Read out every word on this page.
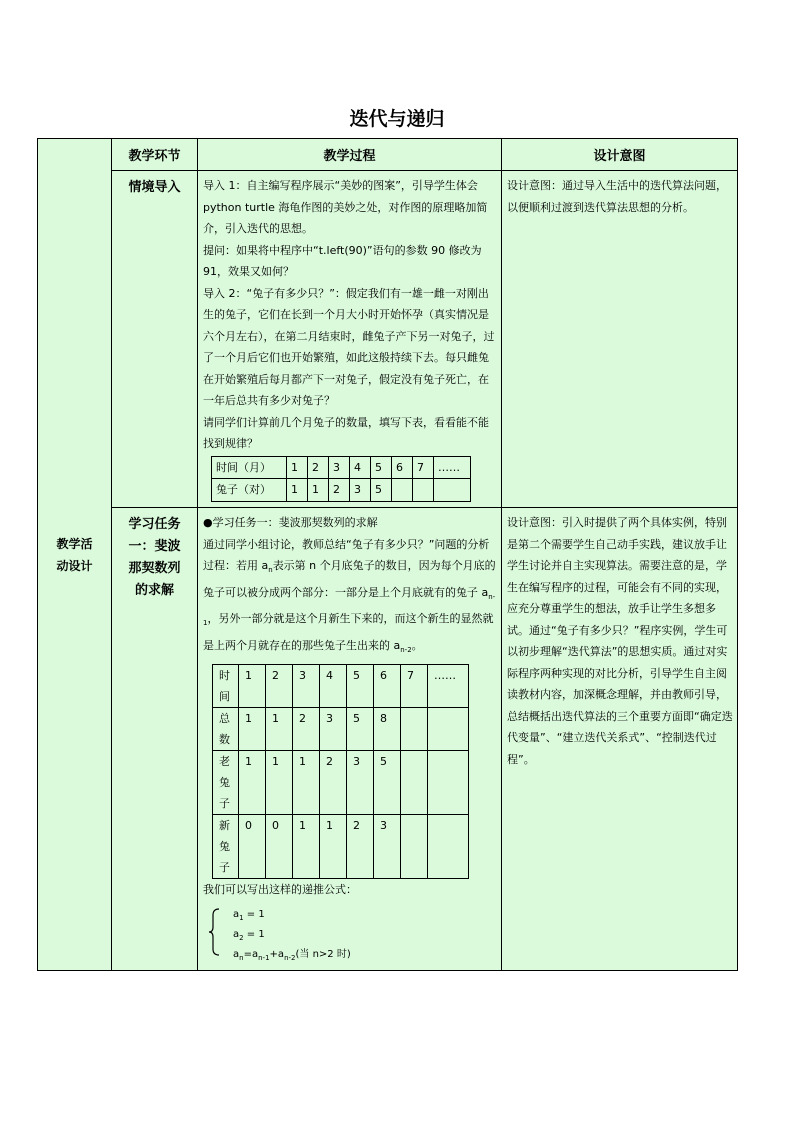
迭代与递归
教学活动设计
	教学环节	教学过程	设计意图
情境导入	导入 1：自主编写程序展示“美妙的图案”，引导学生体会 python turtle 海龟作图的美妙之处，对作图的原理略加简介，引入迭代的思想。

提问：如果将中程序中“t.left(90)”语句的参数 90 修改为 91，效果又如何？

导入 2：“兔子有多少只？”：假定我们有一雄一雌一对刚出生的兔子，它们在长到一个月大小时开始怀孕（真实情况是六个月左右），在第二月结束时，雌兔子产下另一对兔子，过了一个月后它们也开始繁殖，如此这般持续下去。每只雌兔在开始繁殖后每月都产下一对兔子，假定没有兔子死亡，在一年后总共有多少对兔子？

请同学们计算前几个月兔子的数量，填写下表，看看能不能找到规律？

时间（月）	1	2	3	4	5	6	7	……
兔子（对）	1	1	2	3	5			
	设计意图：通过导入生活中的迭代算法问题，以便顺利过渡到迭代算法思想的分析。

学习任务一：斐波那契数列的求解

●学习任务一：斐波那契数列的求解

通过同学小组讨论，教师总结“兔子有多少只？”问题的分析过程：若用 $a_n$表示第 n 个月底兔子的数目，因为每个月底的兔子可以被分成两个部分：一部分是上个月底就有的兔子 $a_{n-1}$，另外一部分就是这个月新生下来的，而这个新生的显然就是上两个月就存在的那些兔子生出来的 $a_{n-2}$。

时间	1	2	3	4	5	6	7	……
总数	1	1	2	3	5	8		
老兔子	1	1	1	2	3	5		
新兔子	0	0	1	1	2	3		

我们可以写出这样的递推公式：

$a_1 = 1$
$a_2 = 1$
$a_n=a_{n-1}+a_{n-2}$(当 n>2 时)
	设计意图：引入时提供了两个具体实例，特别是第二个需要学生自己动手实践，建议放手让学生讨论并自主实现算法。需要注意的是，学生在编写程序的过程，可能会有不同的实现，应充分尊重学生的想法，放手让学生多想多试。通过“兔子有多少只？”程序实例，学生可以初步理解“迭代算法”的思想实质。通过对实际程序两种实现的对比分析，引导学生自主阅读教材内容，加深概念理解，并由教师引导，总结概括出迭代算法的三个重要方面即“确定迭代变量”、“建立迭代关系式”、“控制迭代过程”。
